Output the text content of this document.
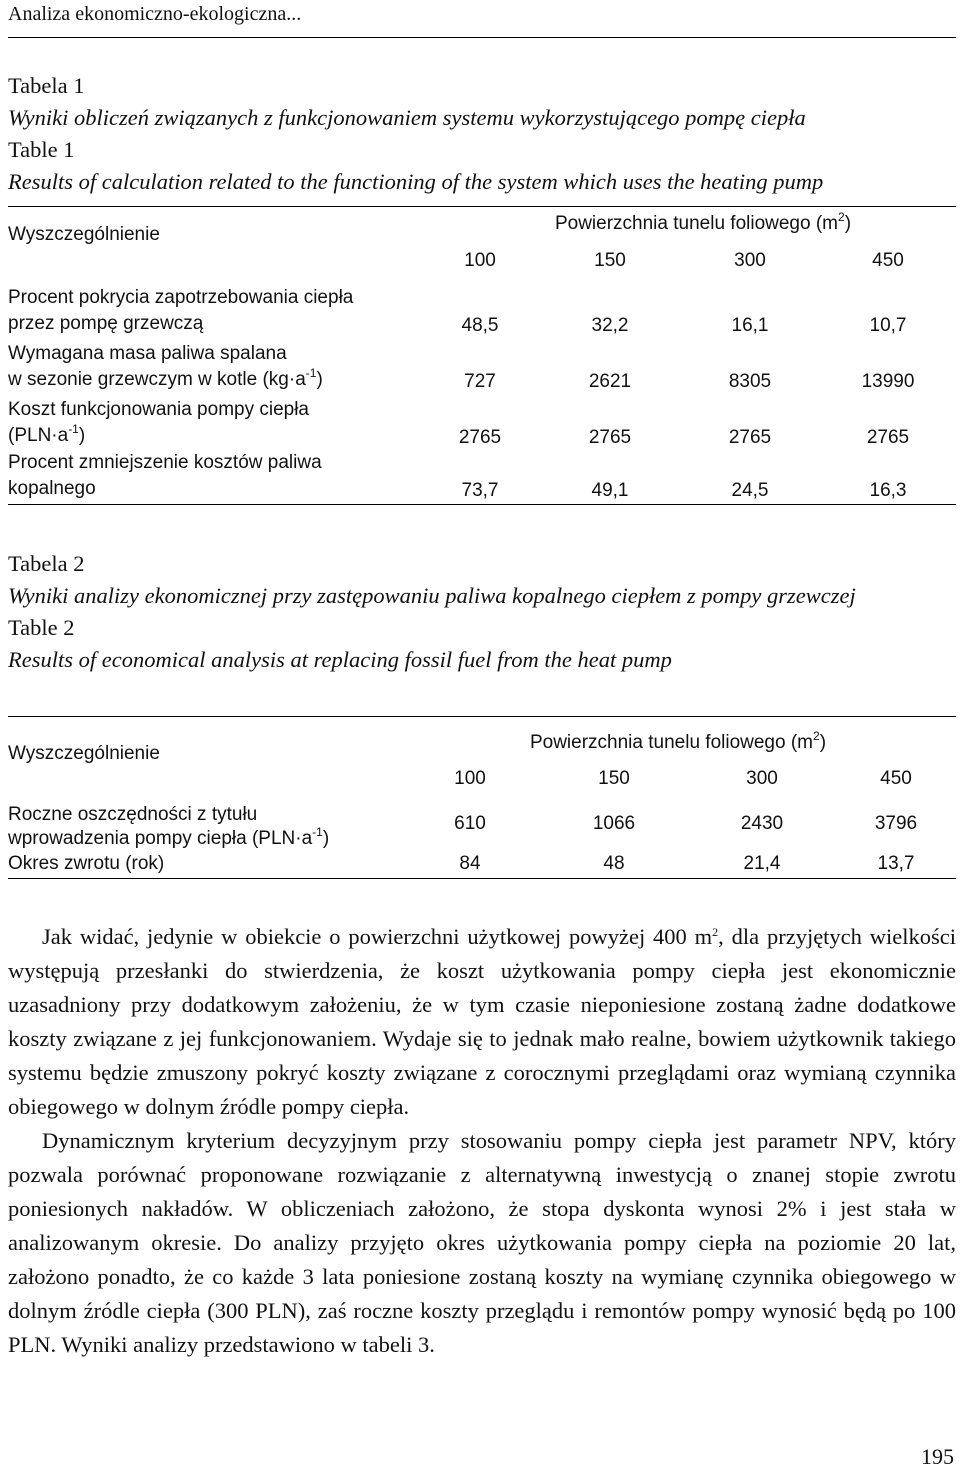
Analiza ekonomiczno-ekologiczna...
Tabela 1
Wyniki obliczeń związanych z funkcjonowaniem systemu wykorzystującego pompę ciepła
Table 1
Results of calculation related to the functioning of the system which uses the heating pump
Wyszczególnienie	Powierzchnia tunelu foliowego $(m^2)$			
	100	150	300	450
Procent pokrycia zapotrzebowania ciepła
przez pompę grzewczą	48,5	32,2	16,1	10,7
Wymagana masa paliwa spalana
w sezonie grzewczym w kotle $(kg\cdot a^{-1})$	727	2621	8305	13990
Koszt funkcjonowania pompy ciepła
$(PLN\cdot a^{-1})$	2765	2765	2765	2765
Procent zmniejszenie kosztów paliwa
kopalnego	73,7	49,1	24,5	16,3
Tabela 2
Wyniki analizy ekonomicznej przy zastępowaniu paliwa kopalnego ciepłem z pompy grzewczej
Table 2
Results of economical analysis at replacing fossil fuel from the heat pump
Wyszczególnienie	Powierzchnia tunelu foliowego $(m^2)$			
	100	150	300	450
Roczne oszczędności z tytułu
wprowadzenia pompy ciepła $(PLN\cdot a^{-1})$	610	1066	2430	3796
Okres zwrotu (rok)	84	48	21,4	13,7

Jak widać, jedynie w obiekcie o powierzchni użytkowej powyżej 400 $m^2$, dla przyjętych wielkości występują przesłanki do stwierdzenia, że koszt użytkowania pompy ciepła jest ekonomicznie uzasadniony przy dodatkowym założeniu, że w tym czasie nieponiesione zostaną żadne dodatkowe koszty związane z jej funkcjonowaniem. Wydaje się to jednak mało realne, bowiem użytkownik takiego systemu będzie zmuszony pokryć koszty związane z corocznymi przeglądami oraz wymianą czynnika obiegowego w dolnym źródle pompy ciepła.

Dynamicznym kryterium decyzyjnym przy stosowaniu pompy ciepła jest parametr NPV, który pozwala porównać proponowane rozwiązanie z alternatywną inwestycją o znanej stopie zwrotu poniesionych nakładów. W obliczeniach założono, że stopa dyskonta wynosi 2% i jest stała w analizowanym okresie. Do analizy przyjęto okres użytkowania pompy ciepła na poziomie 20 lat, założono ponadto, że co każde 3 lata poniesione zostaną koszty na wymianę czynnika obiegowego w dolnym źródle ciepła (300 PLN), zaś roczne koszty przeglądu i remontów pompy wynosić będą po 100 PLN. Wyniki analizy przedstawiono w tabeli 3.

195
